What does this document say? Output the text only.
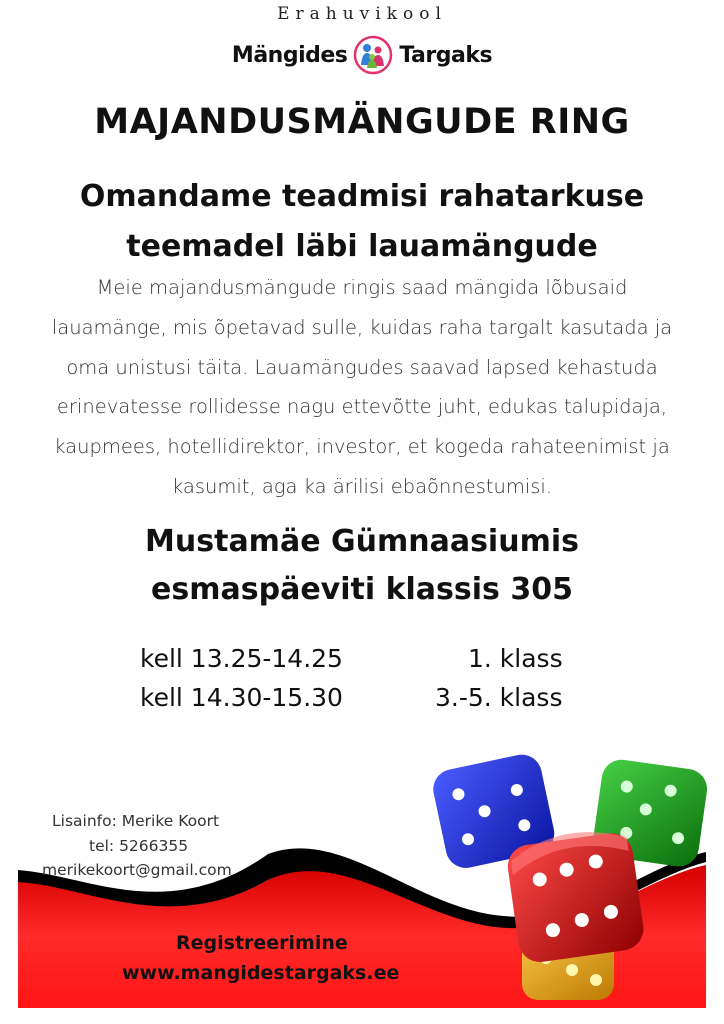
Erahuvikool
Mängides Targaks
MAJANDUSMÄNGUDE RING
Omandame teadmisi rahatarkuse teemadel läbi lauamängude
Meie majandusmängude ringis saad mängida lõbusaid lauamänge, mis õpetavad sulle, kuidas raha targalt kasutada ja oma unistusi täita. Lauamängudes saavad lapsed kehastuda erinevatesse rollidesse nagu ettevõtte juht, edukas talupidaja, kaupmees, hotellidirektor, investor, et kogeda rahateenimist ja kasumit, aga ka ärilisi ebaõnnestumisi.
Mustamäe Gümnaasiumis
esmaspäeviti klassis 305
kell 13.25-14.25	1. klass
kell 14.30-15.30	3.-5. klass
Lisainfo: Merike Koort
tel: 5266355
merikekoort@gmail.com
Registreerimine
www.mangidestargaks.ee
